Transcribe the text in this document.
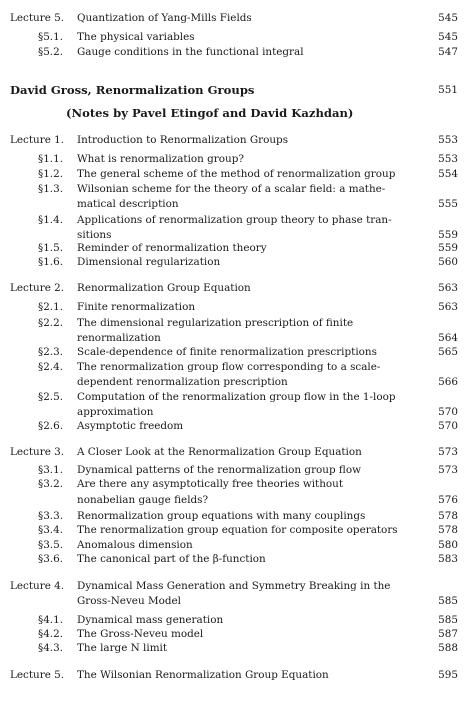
Lecture 5. Quantization of Yang-Mills Fields	545
§5.1. The physical variables	545
§5.2. Gauge conditions in the functional integral	547
David Gross, Renormalization Groups	551
(Notes by Pavel Etingof and David Kazhdan)
Lecture 1. Introduction to Renormalization Groups	553
§1.1. What is renormalization group?	553
§1.2. The general scheme of the method of renormalization group	554
§1.3. Wilsonian scheme for the theory of a scalar field: a mathe-
matical description	555
§1.4. Applications of renormalization group theory to phase tran-
sitions	559
§1.5. Reminder of renormalization theory	559
§1.6. Dimensional regularization	560
Lecture 2. Renormalization Group Equation	563
§2.1. Finite renormalization	563
§2.2. The dimensional regularization prescription of finite
renormalization	564
§2.3. Scale-dependence of finite renormalization prescriptions	565
§2.4. The renormalization group flow corresponding to a scale-
dependent renormalization prescription	566
§2.5. Computation of the renormalization group flow in the 1-loop
approximation	570
§2.6. Asymptotic freedom	570
Lecture 3. A Closer Look at the Renormalization Group Equation	573
§3.1. Dynamical patterns of the renormalization group flow	573
§3.2. Are there any asymptotically free theories without
nonabelian gauge fields?	576
§3.3. Renormalization group equations with many couplings	578
§3.4. The renormalization group equation for composite operators	578
§3.5. Anomalous dimension	580
§3.6. The canonical part of the β-function	583
Lecture 4. Dynamical Mass Generation and Symmetry Breaking in the
Gross-Neveu Model	585
§4.1. Dynamical mass generation	585
§4.2. The Gross-Neveu model	587
§4.3. The large N limit	588
Lecture 5. The Wilsonian Renormalization Group Equation	595
